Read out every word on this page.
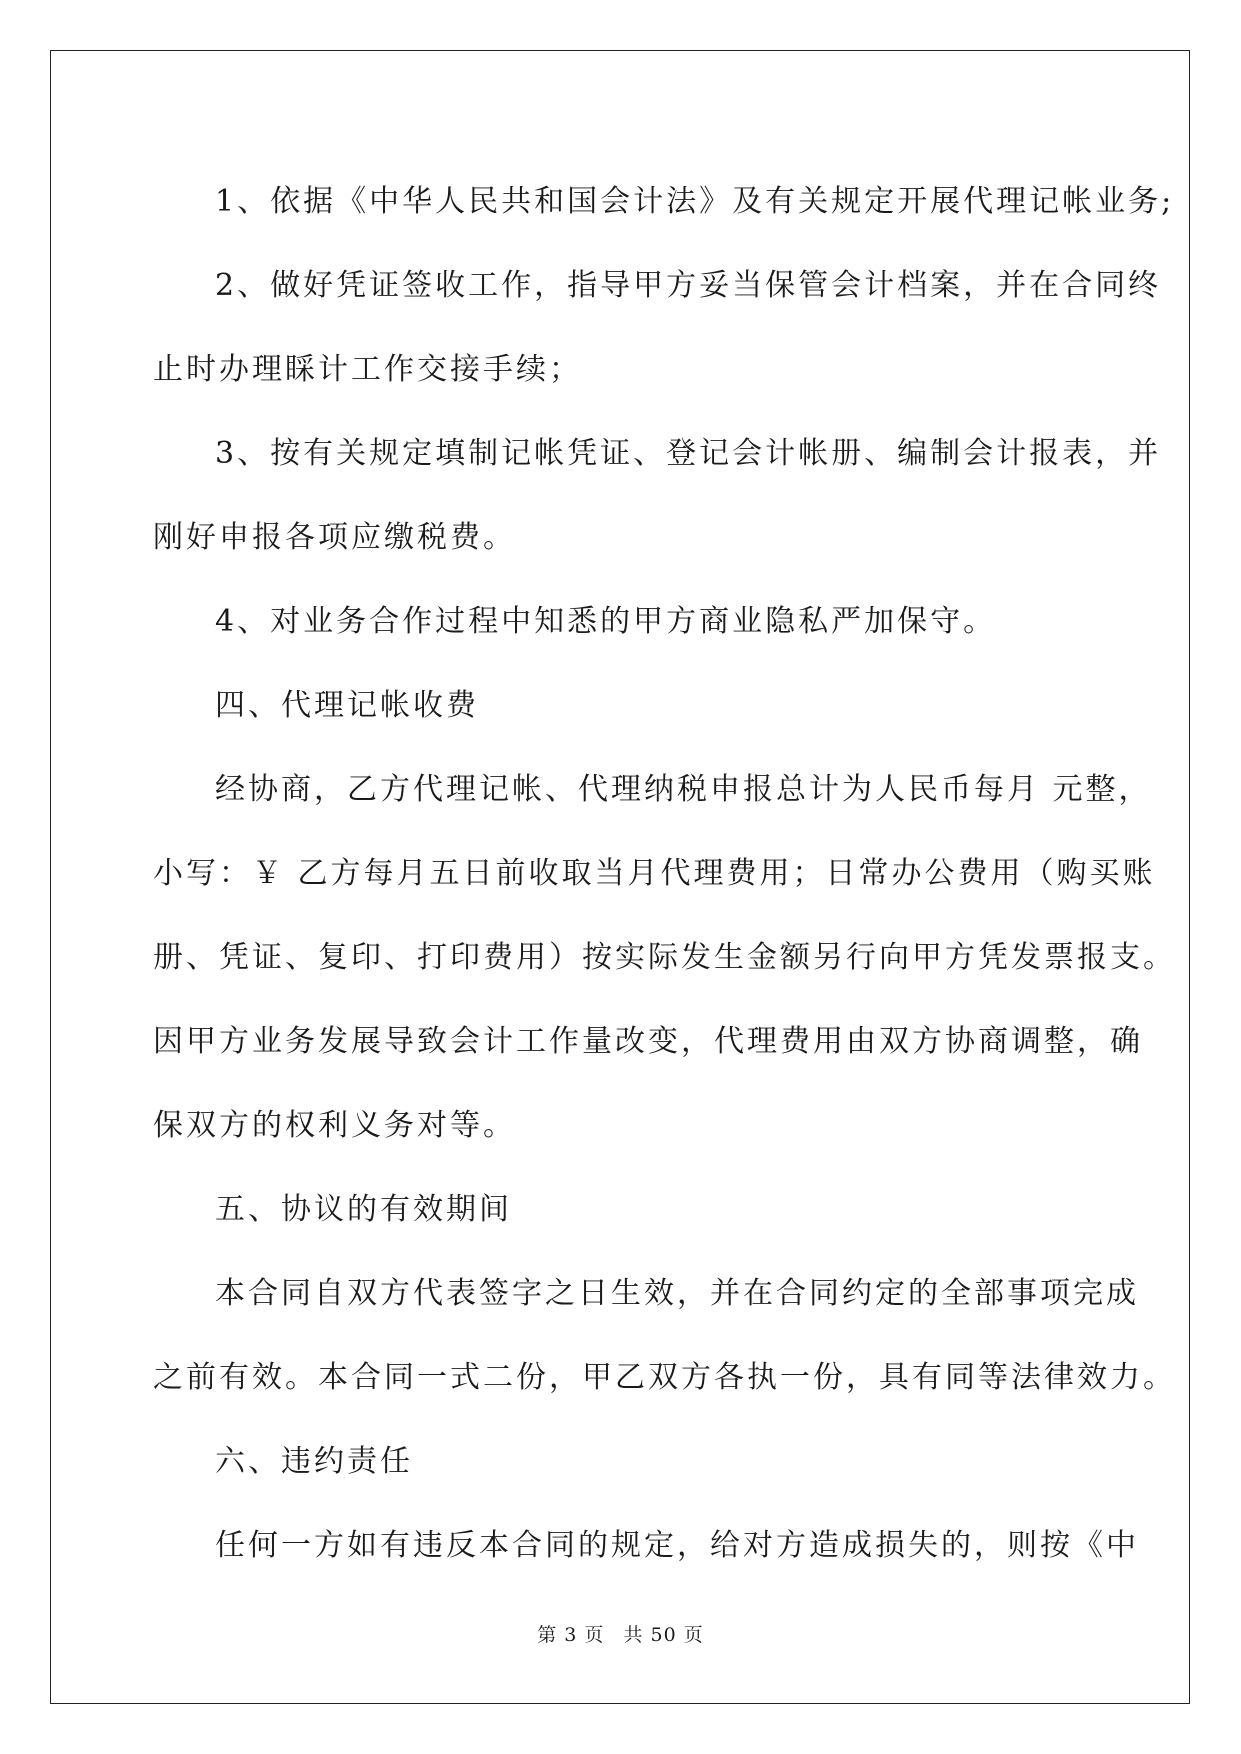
1、依据《中华人民共和国会计法》及有关规定开展代理记帐业务;
2、做好凭证签收工作，指导甲方妥当保管会计档案，并在合同终
止时办理睬计工作交接手续；
3、按有关规定填制记帐凭证、登记会计帐册、编制会计报表，并
刚好申报各项应缴税费。
4、对业务合作过程中知悉的甲方商业隐私严加保守。
四、代理记帐收费
经协商，乙方代理记帐、代理纳税申报总计为人民币每月 元整，
小写：￥ 乙方每月五日前收取当月代理费用；日常办公费用（购买账
册、凭证、复印、打印费用）按实际发生金额另行向甲方凭发票报支。
因甲方业务发展导致会计工作量改变，代理费用由双方协商调整，确
保双方的权利义务对等。
五、协议的有效期间
本合同自双方代表签字之日生效，并在合同约定的全部事项完成
之前有效。本合同一式二份，甲乙双方各执一份，具有同等法律效力。
六、违约责任
任何一方如有违反本合同的规定，给对方造成损失的，则按《中
第 3 页 共 50 页
